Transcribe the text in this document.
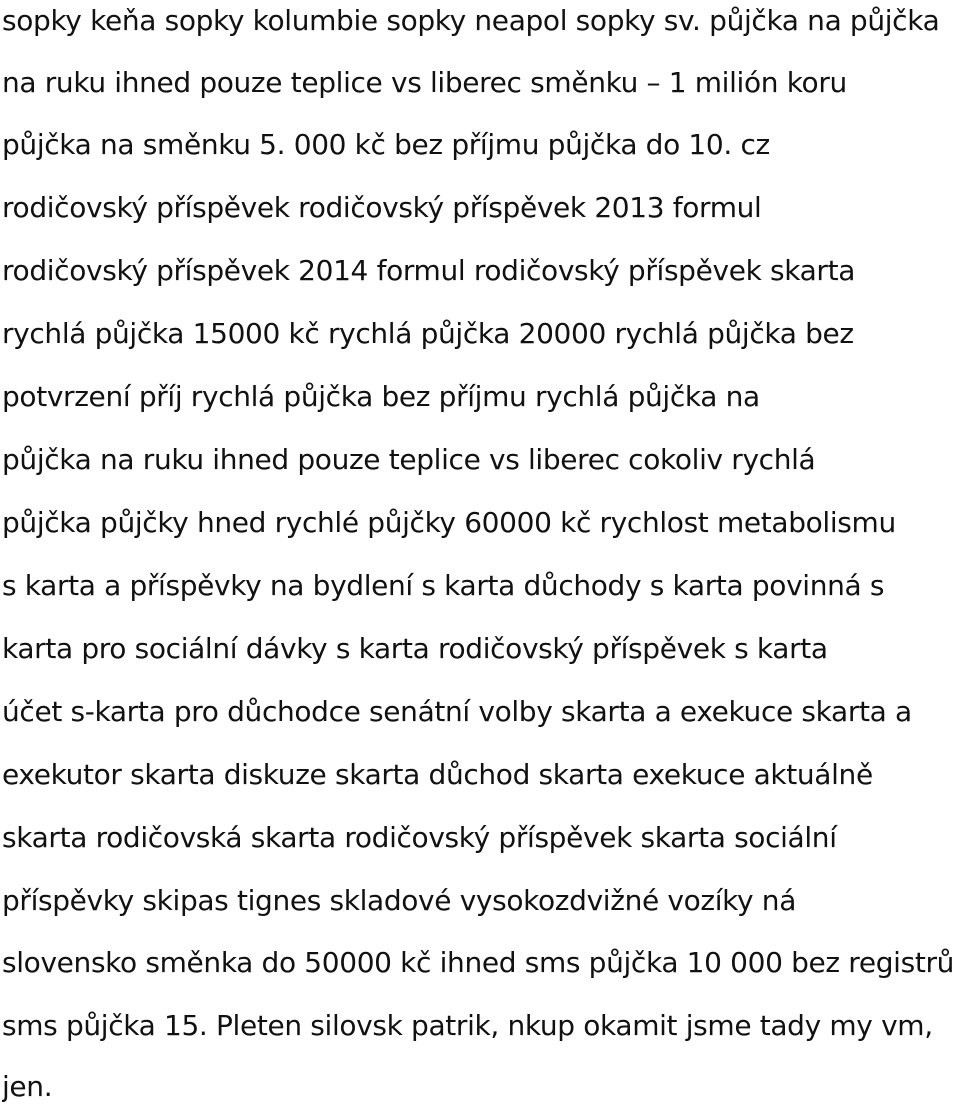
sopky keňa sopky kolumbie sopky neapol sopky sv. půjčka na půjčka
na ruku ihned pouze teplice vs liberec směnku – 1 milión koru
půjčka na směnku 5. 000 kč bez příjmu půjčka do 10. cz
rodičovský příspěvek rodičovský příspěvek 2013 formul
rodičovský příspěvek 2014 formul rodičovský příspěvek skarta
rychlá půjčka 15000 kč rychlá půjčka 20000 rychlá půjčka bez
potvrzení příj rychlá půjčka bez příjmu rychlá půjčka na
půjčka na ruku ihned pouze teplice vs liberec cokoliv rychlá
půjčka půjčky hned rychlé půjčky 60000 kč rychlost metabolismu
s karta a příspěvky na bydlení s karta důchody s karta povinná s
karta pro sociální dávky s karta rodičovský příspěvek s karta
účet s-karta pro důchodce senátní volby skarta a exekuce skarta a
exekutor skarta diskuze skarta důchod skarta exekuce aktuálně
skarta rodičovská skarta rodičovský příspěvek skarta sociální
příspěvky skipas tignes skladové vysokozdvižné vozíky ná
slovensko směnka do 50000 kč ihned sms půjčka 10 000 bez registrů
sms půjčka 15. Pleten silovsk patrik, nkup okamit jsme tady my vm,
jen.
